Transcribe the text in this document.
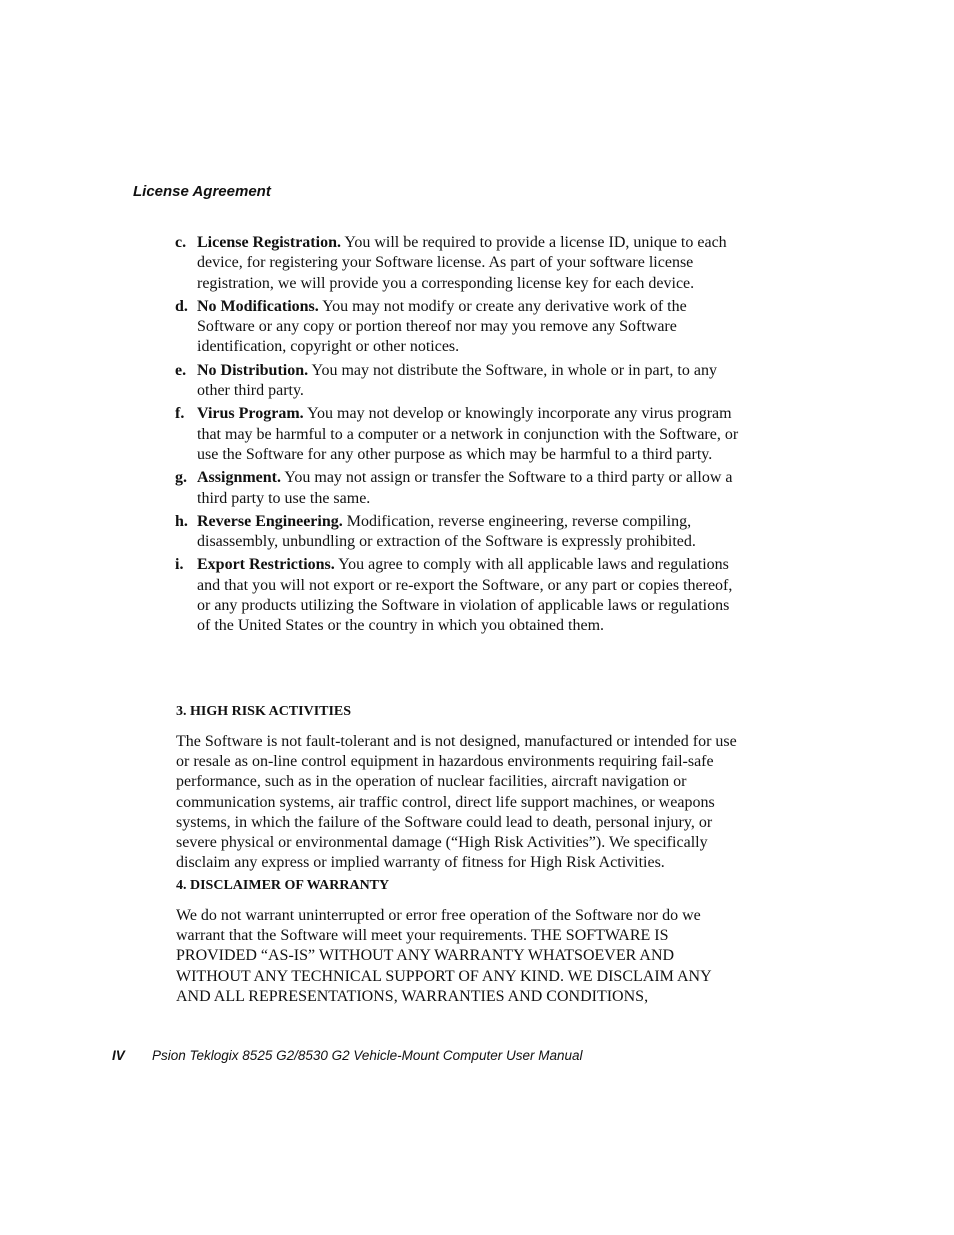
License Agreement
c. License Registration. You will be required to provide a license ID, unique to each device, for registering your Software license. As part of your software license registration, we will provide you a corresponding license key for each device.
d. No Modifications. You may not modify or create any derivative work of the Software or any copy or portion thereof nor may you remove any Software identification, copyright or other notices.
e. No Distribution. You may not distribute the Software, in whole or in part, to any other third party.
f. Virus Program. You may not develop or knowingly incorporate any virus program that may be harmful to a computer or a network in conjunction with the Software, or use the Software for any other purpose as which may be harmful to a third party.
g. Assignment. You may not assign or transfer the Software to a third party or allow a third party to use the same.
h. Reverse Engineering. Modification, reverse engineering, reverse compiling, disassembly, unbundling or extraction of the Software is expressly prohibited.
i. Export Restrictions. You agree to comply with all applicable laws and regulations and that you will not export or re-export the Software, or any part or copies thereof, or any products utilizing the Software in violation of applicable laws or regulations of the United States or the country in which you obtained them.
3. HIGH RISK ACTIVITIES
The Software is not fault-tolerant and is not designed, manufactured or intended for use or resale as on-line control equipment in hazardous environments requiring fail-safe performance, such as in the operation of nuclear facilities, aircraft navigation or communication systems, air traffic control, direct life support machines, or weapons systems, in which the failure of the Software could lead to death, personal injury, or severe physical or environmental damage (“High Risk Activities”). We specifically disclaim any express or implied warranty of fitness for High Risk Activities.
4. DISCLAIMER OF WARRANTY
We do not warrant uninterrupted or error free operation of the Software nor do we warrant that the Software will meet your requirements. THE SOFTWARE IS PROVIDED “AS-IS” WITHOUT ANY WARRANTY WHATSOEVER AND WITHOUT ANY TECHNICAL SUPPORT OF ANY KIND. WE DISCLAIM ANY AND ALL REPRESENTATIONS, WARRANTIES AND CONDITIONS,
IV Psion Teklogix 8525 G2/8530 G2 Vehicle-Mount Computer User Manual
